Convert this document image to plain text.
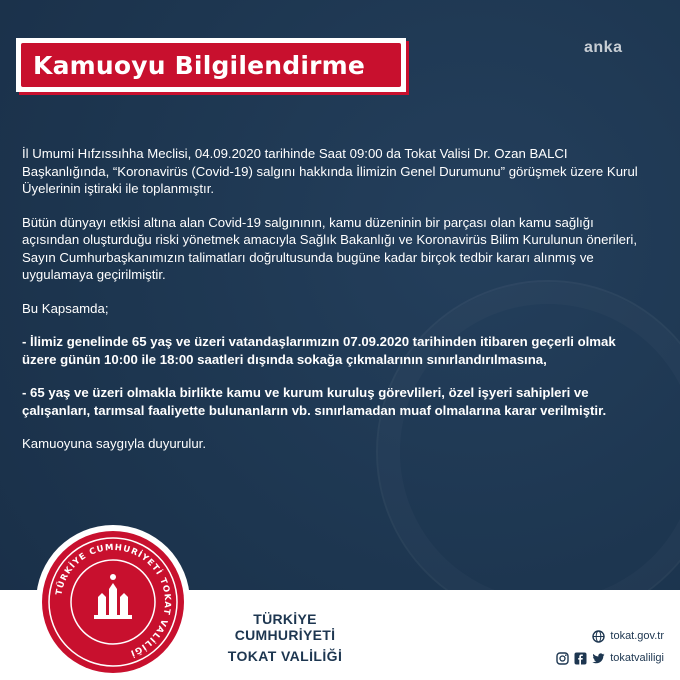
Kamuoyu Bilgilendirme
anka

İl Umumi Hıfzıssıhha Meclisi, 04.09.2020 tarihinde Saat 09:00 da Tokat Valisi Dr. Ozan BALCI Başkanlığında, “Koronavirüs (Covid-19) salgını hakkında İlimizin Genel Durumunu” görüşmek üzere Kurul Üyelerinin iştiraki ile toplanmıştır.

Bütün dünyayı etkisi altına alan Covid-19 salgınının, kamu düzeninin bir parçası olan kamu sağlığı açısından oluşturduğu riski yönetmek amacıyla Sağlık Bakanlığı ve Koronavirüs Bilim Kurulunun önerileri, Sayın Cumhurbaşkanımızın talimatları doğrultusunda bugüne kadar birçok tedbir kararı alınmış ve uygulamaya geçirilmiştir.

Bu Kapsamda;

- İlimiz genelinde 65 yaş ve üzeri vatandaşlarımızın 07.09.2020 tarihinden itibaren geçerli olmak üzere günün 10:00 ile 18:00 saatleri dışında sokağa çıkmalarının sınırlandırılmasına,

- 65 yaş ve üzeri olmakla birlikte kamu ve kurum kuruluş görevlileri, özel işyeri sahipleri ve çalışanları, tarımsal faaliyette bulunanların vb. sınırlamadan muaf olmalarına karar verilmiştir.

Kamuoyuna saygıyla duyurulur.

TÜRKİYE CUMHURİYETİ TOKAT VALİLİĞİ
TÜRKİYE CUMHURİYETİ
TOKAT VALİLİĞİ
tokat.gov.tr
tokatvaliligi
